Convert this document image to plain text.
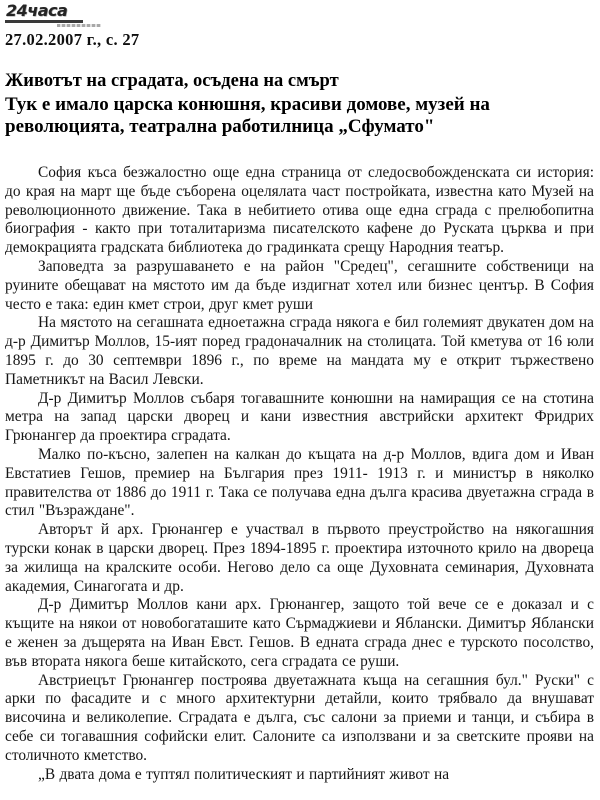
24часа
27.02.2007 г., с. 27
Животът на сградата, осъдена на смърт
Тук е имало царска конюшня, красиви домове, музей на революцията, театрална работилница „Сфумато"

София къса безжалостно още една страница от следосвобожденската си история: до края на март ще бъде съборена оцелялата част постройката, известна като Музей на революционното движение. Така в небитието отива още една сграда с прелюбопитна биография - както при тоталитаризма писателското кафене до Руската църква и при демокрацията градската библиотека до градинката срещу Народния театър.

Заповедта за разрушаването е на район "Средец", сегашните собственици на руините обещават на мястото им да бъде издигнат хотел или бизнес център. В София често е така: един кмет строи, друг кмет руши

На мястото на сегашната едноетажна сграда някога е бил големият двукатен дом на д-р Димитър Моллов, 15-ият поред градоначалник на столицата. Той кметува от 16 юли 1895 г. до 30 септември 1896 г., по време на мандата му е открит тържествено Паметникът на Васил Левски.

Д-р Димитър Моллов събаря тогавашните конюшни на намиращия се на стотина метра на запад царски дворец и кани известния австрийски архитект Фридрих Грюнангер да проектира сградата.

Малко по-късно, залепен на калкан до къщата на д-р Моллов, вдига дом и Иван Евстатиев Гешов, премиер на България през 1911- 1913 г. и министър в няколко правителства от 1886 до 1911 г. Така се получава една дълга красива двуетажна сграда в стил "Възраждане".

Авторът й арх. Грюнангер е участвал в първото преустройство на някогашния турски конак в царски дворец. През 1894-1895 г. проектира източното крило на двореца за жилища на кралските особи. Негово дело са още Духовната семинария, Духовната академия, Синагогата и др.

Д-р Димитър Моллов кани арх. Грюнангер, защото той вече се е доказал и с къщите на някои от новобогаташите като Сърмаджиеви и Яблански. Димитър Яблански е женен за дъщерята на Иван Евст. Гешов. В едната сграда днес е турското посолство, във втората някога беше китайското, сега сградата се руши.

Австриецът Грюнангер построява двуетажната къща на сегашния бул." Руски" с арки по фасадите и с много архитектурни детайли, които трябвало да внушават височина и великолепие. Сградата е дълга, със салони за приеми и танци, и събира в себе си тогавашния софийски елит. Салоните са използвани и за светските прояви на столичното кметство.

„В двата дома е туптял политическият и партийният живот на
